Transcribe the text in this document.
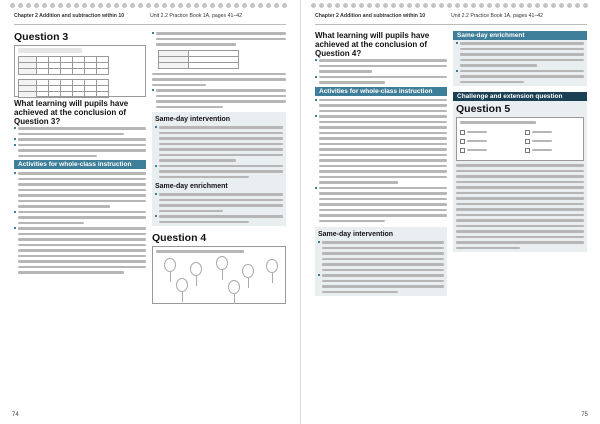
Chapter 2 Addition and subtraction within 10	Unit 2.2 Practice Book 1A, pages 41–42
Question 3

What learning will pupils have achieved at the conclusion of Question 3?
Activities for whole-class instruction

Same-day intervention
Same-day enrichment
Question 4
74
Chapter 2 Addition and subtraction within 10	Unit 2.2 Practice Book 1A, pages 41–42
What learning will pupils have achieved at the conclusion of Question 4?
Activities for whole-class instruction
Same-day intervention
Same-day enrichment
Challenge and extension question
Question 5
75
